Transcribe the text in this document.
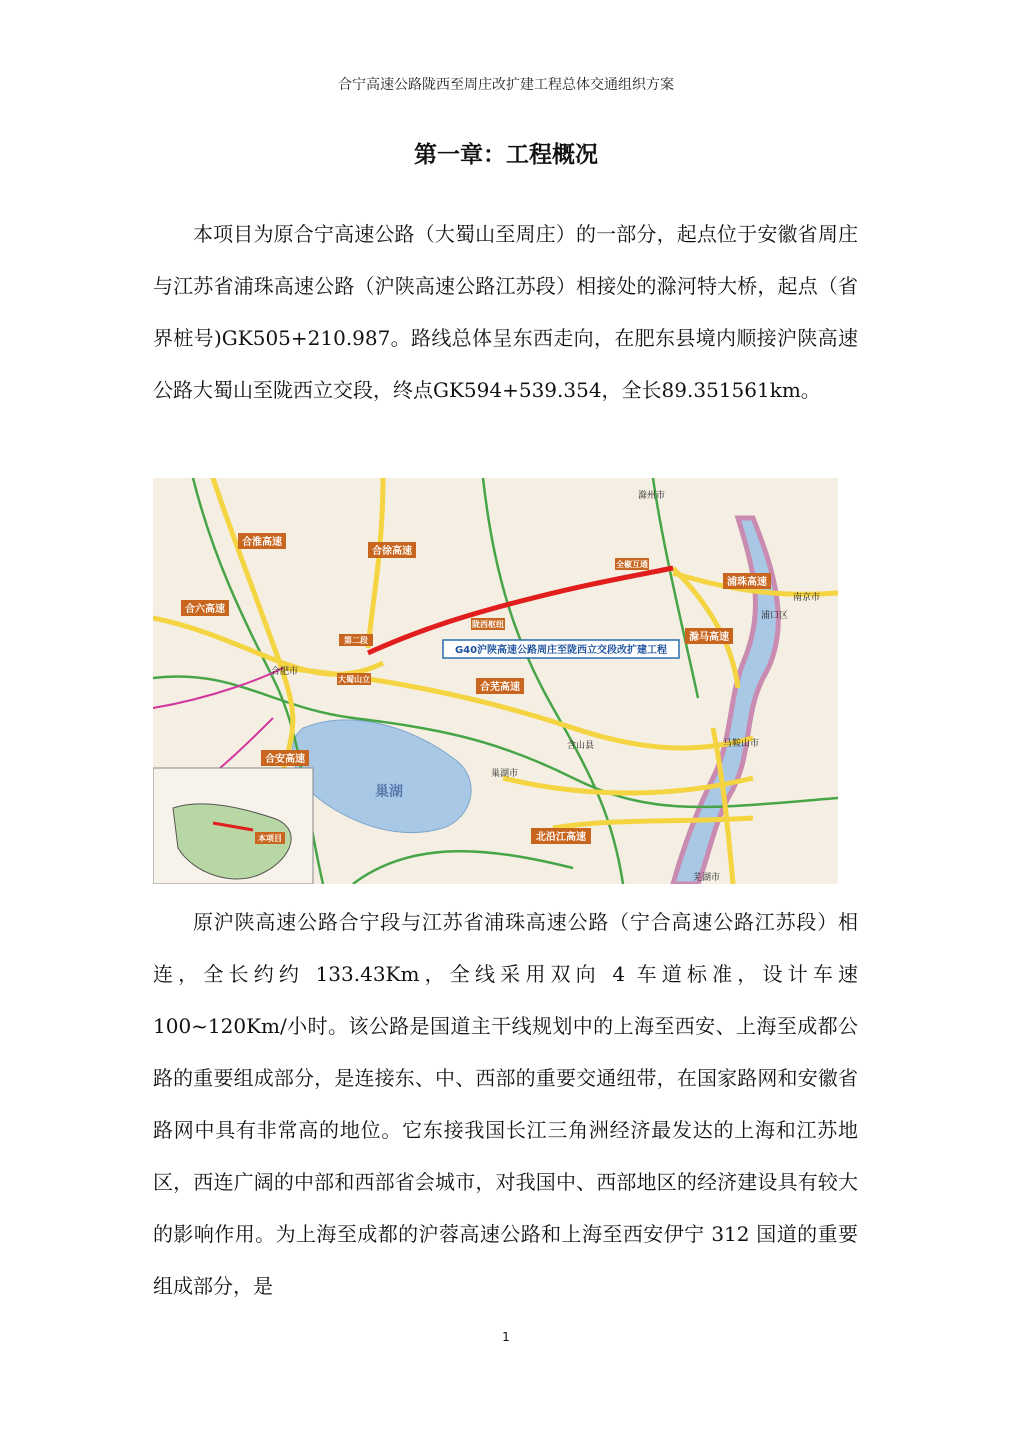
合宁高速公路陇西至周庄改扩建工程总体交通组织方案
第一章：工程概况

本项目为原合宁高速公路（大蜀山至周庄）的一部分，起点位于安徽省周庄与江苏省浦珠高速公路（沪陕高速公路江苏段）相接处的滁河特大桥，起点（省界桩号)GK505+210.987。路线总体呈东西走向，在肥东县境内顺接沪陕高速公路大蜀山至陇西立交段，终点GK594+539.354，全长89.351561km。

合淮高速
合徐高速
合六高速
浦珠高速
滁马高速
合芜高速
合安高速
北沿江高速
G40沪陕高速公路周庄至陇西立交段改扩建工程
第二段
大蜀山立
陇西枢纽
全椒互通
巢湖
本项目
滁州市
合肥市
南京市
含山县
巢湖市
马鞍山市
浦口区
芜湖市

原沪陕高速公路合宁段与江苏省浦珠高速公路（宁合高速公路江苏段）相连，全长约约 133.43Km，全线采用双向 4 车道标准，设计车速 100~120Km/小时。该公路是国道主干线规划中的上海至西安、上海至成都公路的重要组成部分，是连接东、中、西部的重要交通纽带，在国家路网和安徽省路网中具有非常高的地位。它东接我国长江三角洲经济最发达的上海和江苏地区，西连广阔的中部和西部省会城市，对我国中、西部地区的经济建设具有较大的影响作用。为上海至成都的沪蓉高速公路和上海至西安伊宁 312 国道的重要组成部分，是

1
